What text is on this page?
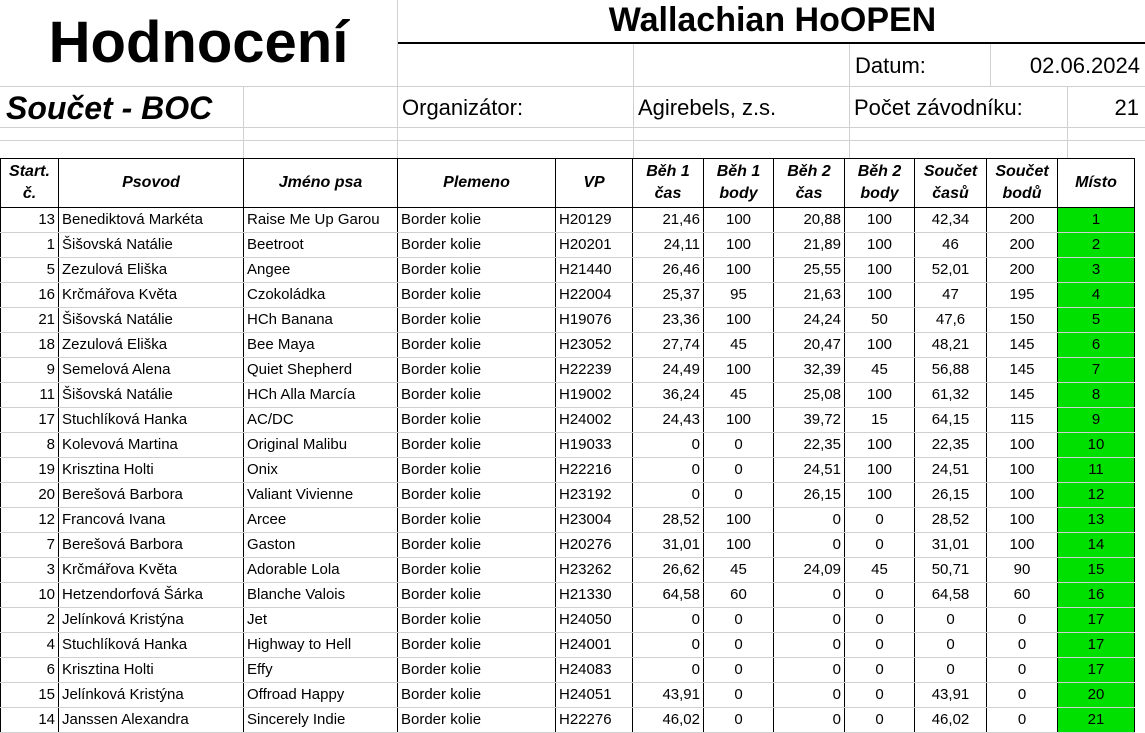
Hodnocení	Wallachian HoOPEN
Součet - BOC
Datum:	02.06.2024
Organizátor:	Agirebels, z.s.	Počet závodníku:	21
Start. č.	Psovod	Jméno psa	Plemeno	VP	Běh 1 čas	Běh 1 body	Běh 2 čas	Běh 2 body	Součet časů	Součet bodů	Místo
13	Benediktová Markéta	Raise Me Up Garou	Border kolie	H20129	21,46	100	20,88	100	42,34	200	1
1	Šišovská Natálie	Beetroot	Border kolie	H20201	24,11	100	21,89	100	46	200	2
5	Zezulová Eliška	Angee	Border kolie	H21440	26,46	100	25,55	100	52,01	200	3
16	Krčmářova Květa	Czokoládka	Border kolie	H22004	25,37	95	21,63	100	47	195	4
21	Šišovská Natálie	HCh Banana	Border kolie	H19076	23,36	100	24,24	50	47,6	150	5
18	Zezulová Eliška	Bee Maya	Border kolie	H23052	27,74	45	20,47	100	48,21	145	6
9	Semelová Alena	Quiet Shepherd	Border kolie	H22239	24,49	100	32,39	45	56,88	145	7
11	Šišovská Natálie	HCh Alla Marcía	Border kolie	H19002	36,24	45	25,08	100	61,32	145	8
17	Stuchlíková Hanka	AC/DC	Border kolie	H24002	24,43	100	39,72	15	64,15	115	9
8	Kolevová Martina	Original Malibu	Border kolie	H19033	0	0	22,35	100	22,35	100	10
19	Krisztina Holti	Onix	Border kolie	H22216	0	0	24,51	100	24,51	100	11
20	Berešová Barbora	Valiant Vivienne	Border kolie	H23192	0	0	26,15	100	26,15	100	12
12	Francová Ivana	Arcee	Border kolie	H23004	28,52	100	0	0	28,52	100	13
7	Berešová Barbora	Gaston	Border kolie	H20276	31,01	100	0	0	31,01	100	14
3	Krčmářova Květa	Adorable Lola	Border kolie	H23262	26,62	45	24,09	45	50,71	90	15
10	Hetzendorfová Šárka	Blanche Valois	Border kolie	H21330	64,58	60	0	0	64,58	60	16
2	Jelínková Kristýna	Jet	Border kolie	H24050	0	0	0	0	0	0	17
4	Stuchlíková Hanka	Highway to Hell	Border kolie	H24001	0	0	0	0	0	0	17
6	Krisztina Holti	Effy	Border kolie	H24083	0	0	0	0	0	0	17
15	Jelínková Kristýna	Offroad Happy	Border kolie	H24051	43,91	0	0	0	43,91	0	20
14	Janssen Alexandra	Sincerely Indie	Border kolie	H22276	46,02	0	0	0	46,02	0	21
